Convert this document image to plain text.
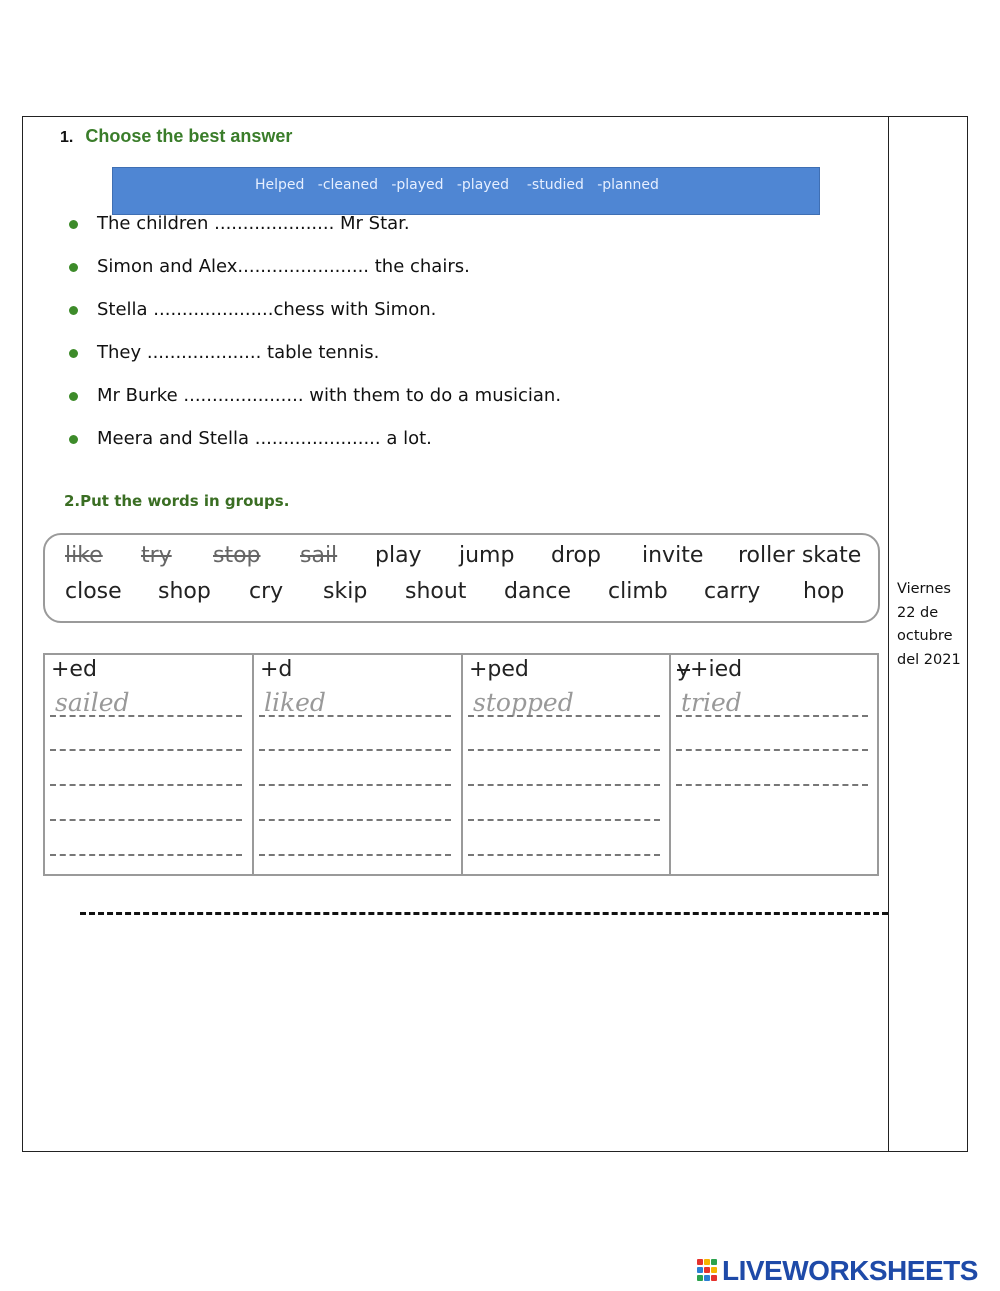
Viernes
22 de
octubre
del 2021
1. Choose the best answer
Helped   -cleaned   -played   -played    -studied   -planned
The children ..................... Mr Star.
Simon and Alex....................... the chairs.
Stella .....................chess with Simon.
They .................... table tennis.
Mr Burke ..................... with them to do a musician.
Meera and Stella ...................... a lot.
2.Put the words in groups.
like try stop sail play jump drop invite roller skate
close shop cry skip shout dance climb carry hop
+ed
sailed
+d
liked
+ped
stopped
y+ied
tried
LIVEWORKSHEETS
